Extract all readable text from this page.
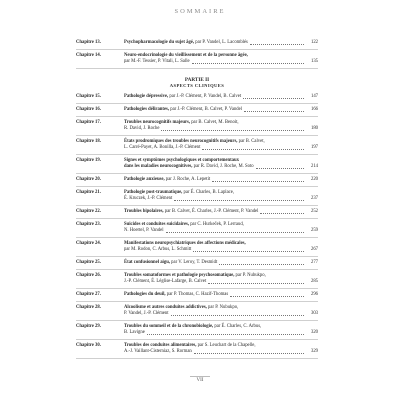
SOMMAIRE
Chapitre 13.	Psychopharmacologie du sujet âgé, par P. Vandel, L. Lacomblés	122
Chapitre 14.	Neuro-endocrinologie du vieillissement et de la personne âgée,
par M.-F. Tessier, P. Vitali, L. Salle	135
PARTIE II
ASPECTS CLINIQUES
Chapitre 15.	Pathologie dépressive, par J.-P. Clément, P. Vandel, B. Calvet	147
Chapitre 16.	Pathologies délirantes, par J.-P. Clément, B. Calvet, P. Vandel	166
Chapitre 17.	Troubles neurocognitifs majeurs, par B. Calvet, M. Benoit,
R. David, J. Roche	180
Chapitre 18.	États prodromiques des troubles neurocognitifs majeurs, par B. Calvet,
L. Carré-Payet, A. Bonilla, J.-P. Clément	197
Chapitre 19.	Signes et symptômes psychologiques et comportementaux
dans les maladies neurocognitives, par R. David, J. Roche, M. Soto	214
Chapitre 20.	Pathologie anxieuse, par J. Roche, A. Lepetit	220
Chapitre 21.	Pathologie post-traumatique, par É. Charles, B. Laplace,
É. Kruczek, J.-P. Clément	237
Chapitre 22.	Troubles bipolaires, par B. Calvet, É. Charles, J.-P. Clément, P. Vandel	252
Chapitre 23.	Suicides et conduites suicidaires, par C. Hurkeček, P. Lerraud,
N. Hoertel, P. Vandel	259
Chapitre 24.	Manifestations neuropsychiatriques des affections médicales,
par M. Rodon, C. Arbus, L. Schmitt	267
Chapitre 25.	État confusionnel aigu, par V. Leroy, T. Desmidt	277
Chapitre 26.	Troubles somatoformes et pathologie psychosomatique, par P. Nubukpo,
J.-P. Clément, É. Léglise-Lafarge, B. Calvet	285
Chapitre 27.	Pathologies du deuil, par P. Thomas, C. Hazif-Thomas	296
Chapitre 28.	Alcoolisme et autres conduites addictives, par P. Nubukpo,
P. Vandel, J.-P. Clément	303
Chapitre 29.	Troubles du sommeil et de la chronobiologie, par É. Charles, C. Arbus,
B. Lavigne	320
Chapitre 30.	Troubles des conduites alimentaires, par S. Leuchart de la Chapelle,
A.-J. Vaillant-Cisterniaz, S. Rorman	329
VII
